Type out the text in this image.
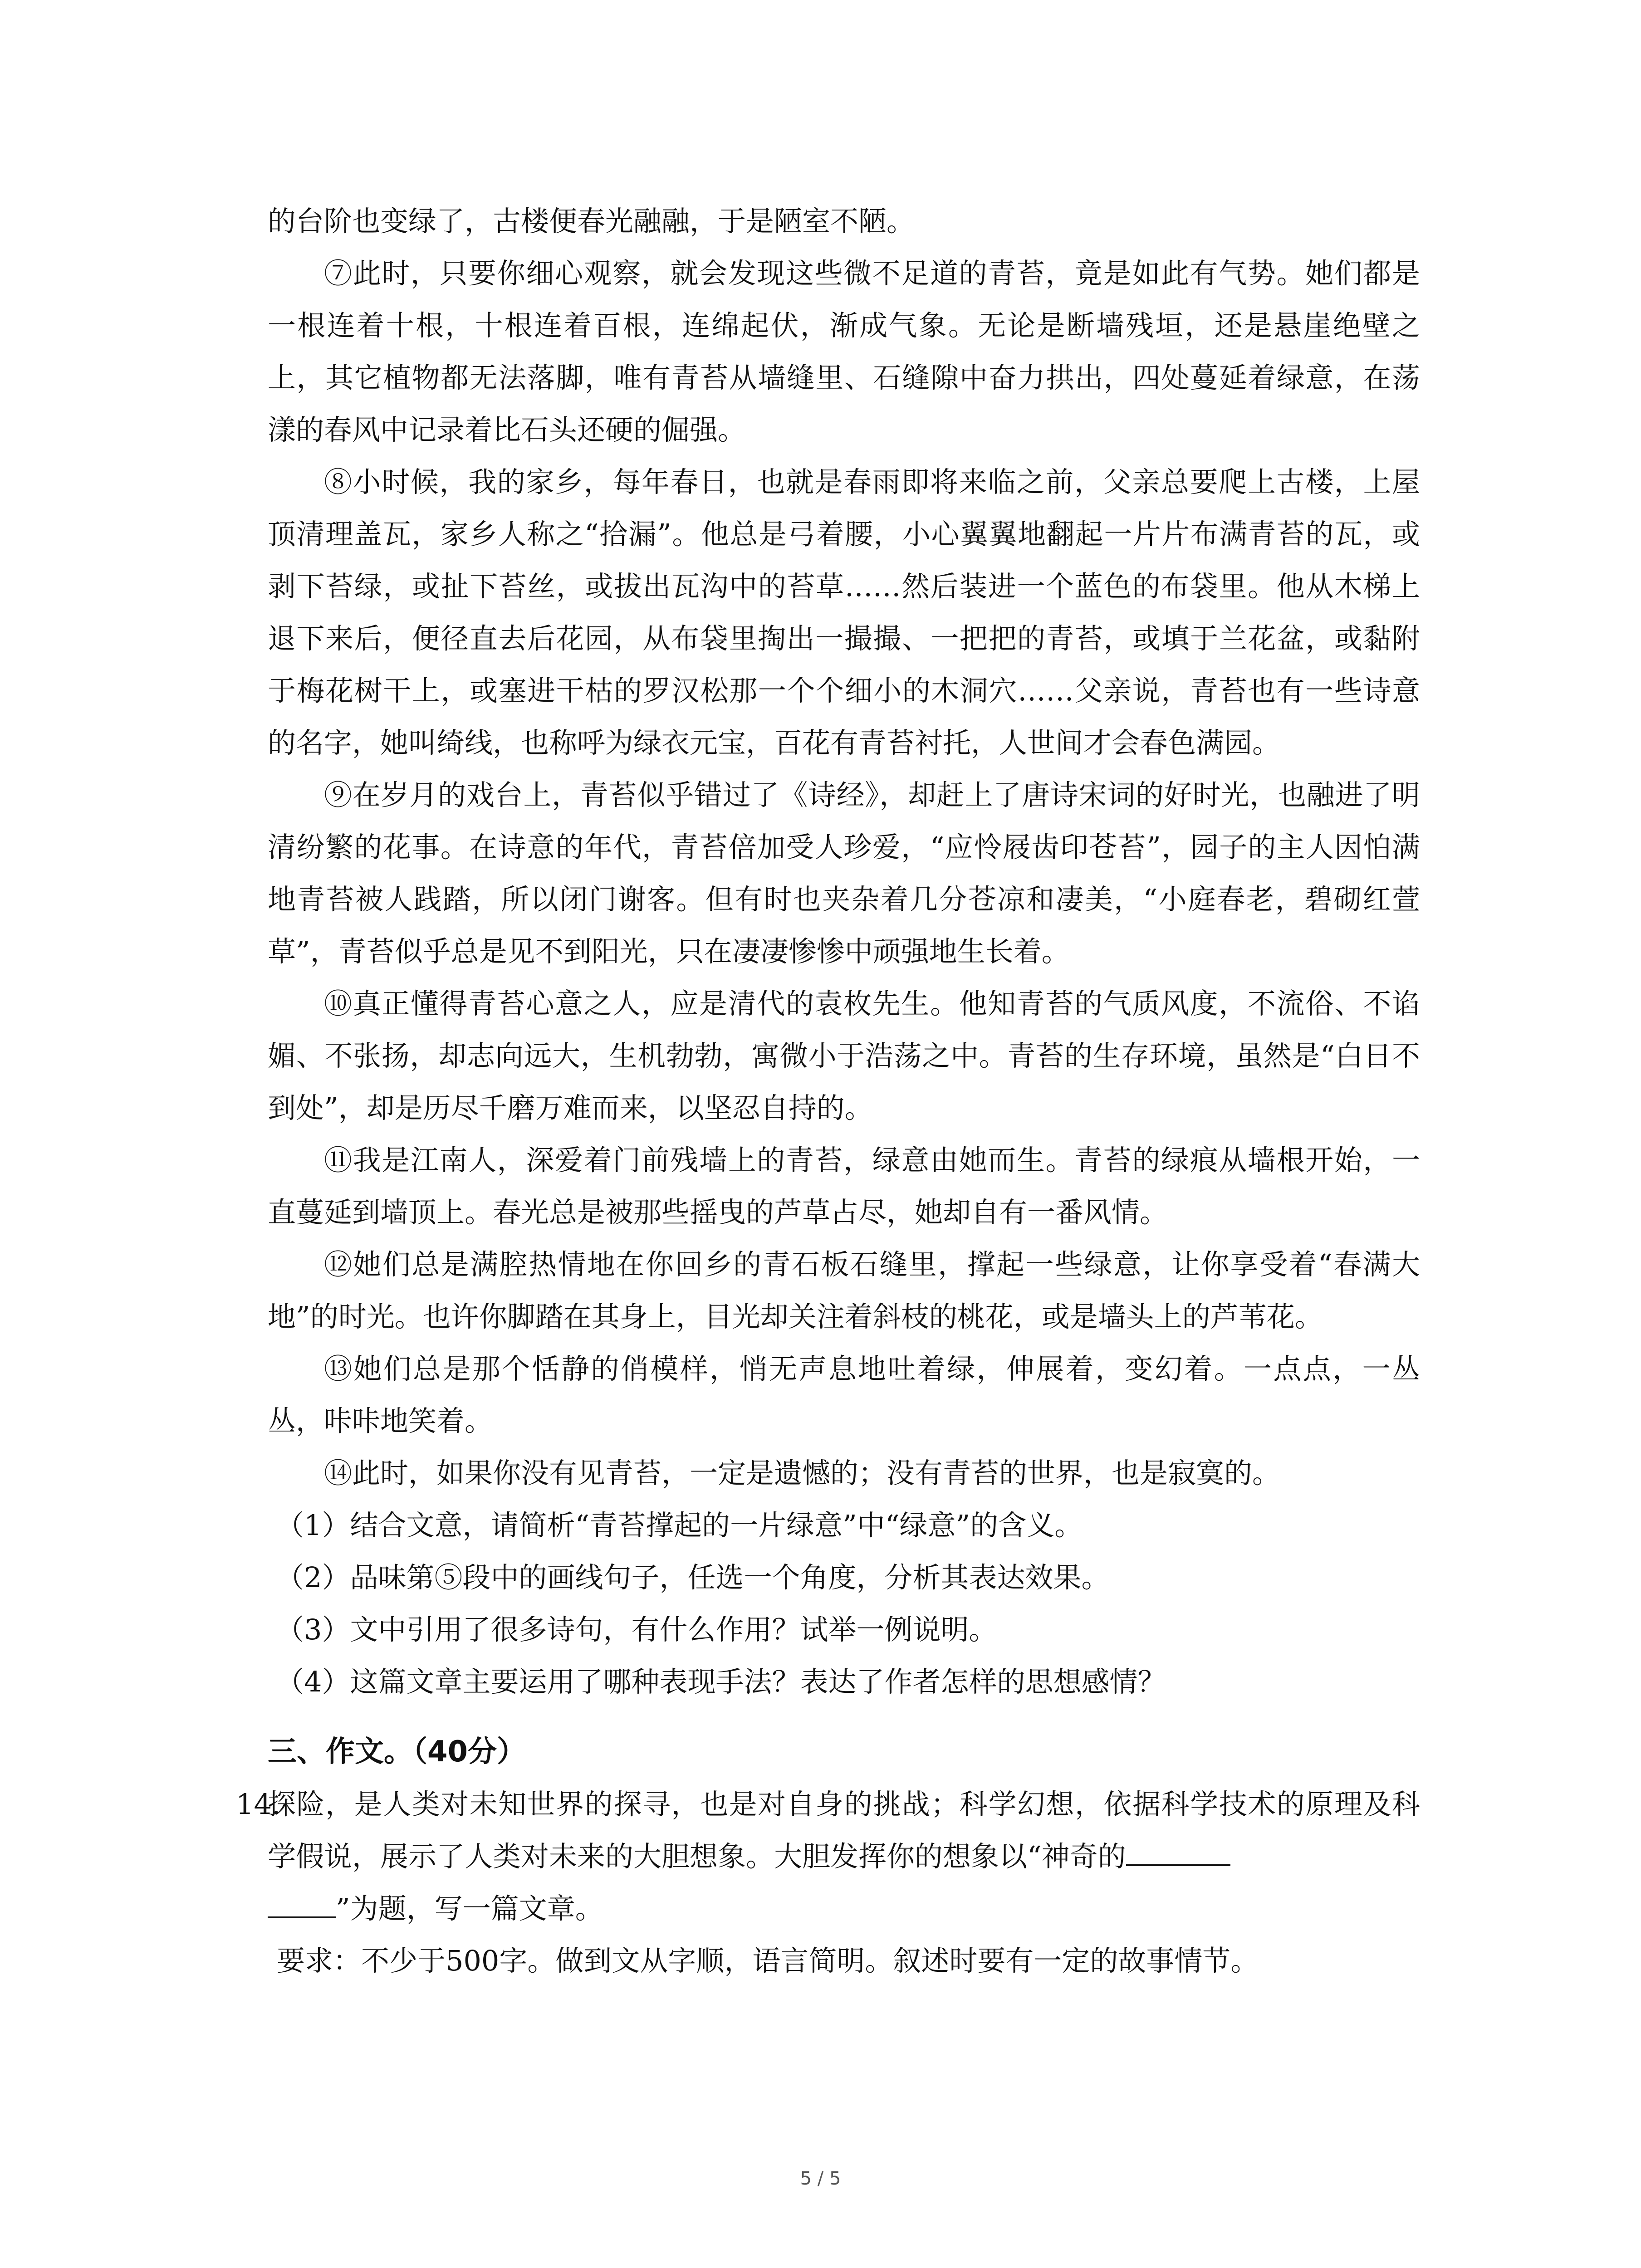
的台阶也变绿了，古楼便春光融融，于是陋室不陋。

⑦此时，只要你细心观察，就会发现这些微不足道的青苔，竟是如此有气势。她们都是一根连着十根，十根连着百根，连绵起伏，渐成气象。无论是断墙残垣，还是悬崖绝壁之上，其它植物都无法落脚，唯有青苔从墙缝里、石缝隙中奋力拱出，四处蔓延着绿意，在荡漾的春风中记录着比石头还硬的倔强。

⑧小时候，我的家乡，每年春日，也就是春雨即将来临之前，父亲总要爬上古楼，上屋顶清理盖瓦，家乡人称之“拾漏”。他总是弓着腰，小心翼翼地翻起一片片布满青苔的瓦，或剥下苔绿，或扯下苔丝，或拔出瓦沟中的苔草……然后装进一个蓝色的布袋里。他从木梯上退下来后，便径直去后花园，从布袋里掏出一撮撮、一把把的青苔，或填于兰花盆，或黏附于梅花树干上，或塞进干枯的罗汉松那一个个细小的木洞穴……父亲说，青苔也有一些诗意的名字，她叫绮线，也称呼为绿衣元宝，百花有青苔衬托，人世间才会春色满园。

⑨在岁月的戏台上，青苔似乎错过了《诗经》，却赶上了唐诗宋词的好时光，也融进了明清纷繁的花事。在诗意的年代，青苔倍加受人珍爱，“应怜屐齿印苍苔”，园子的主人因怕满地青苔被人践踏，所以闭门谢客。但有时也夹杂着几分苍凉和凄美，“小庭春老，碧砌红萱草”，青苔似乎总是见不到阳光，只在凄凄惨惨中顽强地生长着。

⑩真正懂得青苔心意之人，应是清代的袁枚先生。他知青苔的气质风度，不流俗、不谄媚、不张扬，却志向远大，生机勃勃，寓微小于浩荡之中。青苔的生存环境，虽然是“白日不到处”，却是历尽千磨万难而来，以坚忍自持的。

⑪我是江南人，深爱着门前残墙上的青苔，绿意由她而生。青苔的绿痕从墙根开始，一直蔓延到墙顶上。春光总是被那些摇曳的芦草占尽，她却自有一番风情。

⑫她们总是满腔热情地在你回乡的青石板石缝里，撑起一些绿意，让你享受着“春满大地”的时光。也许你脚踏在其身上，目光却关注着斜枝的桃花，或是墙头上的芦苇花。

⑬她们总是那个恬静的俏模样，悄无声息地吐着绿，伸展着，变幻着。一点点，一丛丛，咔咔地笑着。

⑭此时，如果你没有见青苔，一定是遗憾的；没有青苔的世界，也是寂寞的。

（1）结合文意，请简析“青苔撑起的一片绿意”中“绿意”的含义。

（2）品味第⑤段中的画线句子，任选一个角度，分析其表达效果。

（3）文中引用了很多诗句，有什么作用？试举一例说明。

（4）这篇文章主要运用了哪种表现手法？表达了作者怎样的思想感情？

三、作文。（40分）

14.

探险，是人类对未知世界的探寻，也是对自身的挑战；科学幻想，依据科学技术的原理及科学假说，展示了人类对未来的大胆想象。大胆发挥你的想象以“神奇的
”为题，写一篇文章。

要求：不少于500字。做到文从字顺，语言简明。叙述时要有一定的故事情节。

5 / 5
